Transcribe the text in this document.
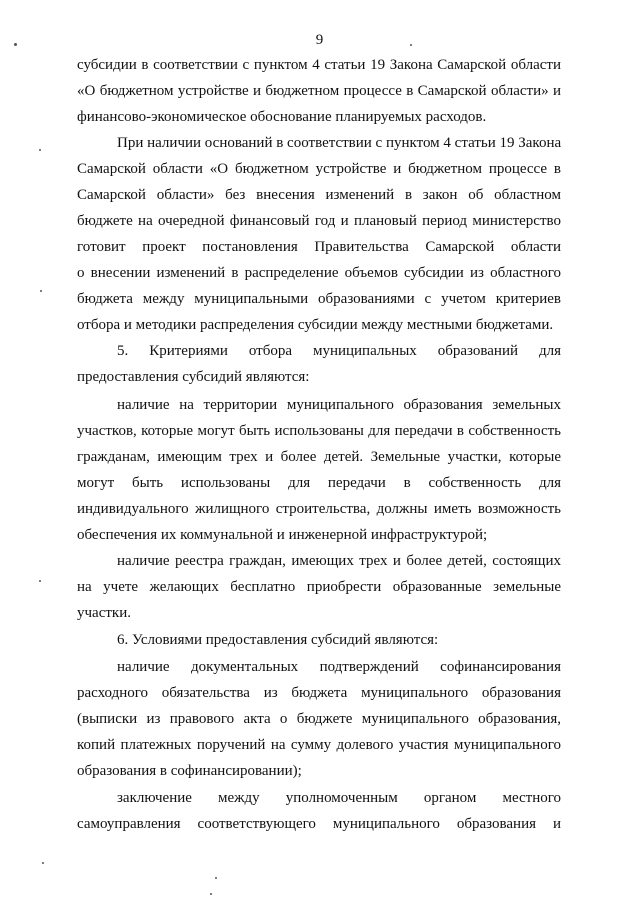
9
субсидии в соответствии с пунктом 4 статьи 19 Закона Самарской области
«О бюджетном устройстве и бюджетном процессе в Самарской области» и
финансово-экономическое обоснование планируемых расходов.
При наличии оснований в соответствии с пунктом 4 статьи 19 Закона
Самарской области «О бюджетном устройстве и бюджетном процессе в
Самарской области» без внесения изменений в закон об областном
бюджете на очередной финансовый год и плановый период министерство
готовит проект постановления Правительства Самарской области
о внесении изменений в распределение объемов субсидии из областного
бюджета между муниципальными образованиями с учетом критериев
отбора и методики распределения субсидии между местными бюджетами.
5. Критериями отбора муниципальных образований для
предоставления субсидий являются:
наличие на территории муниципального образования земельных
участков, которые могут быть использованы для передачи в собственность
гражданам, имеющим трех и более детей. Земельные участки, которые
могут быть использованы для передачи в собственность для
индивидуального жилищного строительства, должны иметь возможность
обеспечения их коммунальной и инженерной инфраструктурой;
наличие реестра граждан, имеющих трех и более детей, состоящих
на учете желающих бесплатно приобрести образованные земельные
участки.
6. Условиями предоставления субсидий являются:
наличие документальных подтверждений софинансирования
расходного обязательства из бюджета муниципального образования
(выписки из правового акта о бюджете муниципального образования,
копий платежных поручений на сумму долевого участия муниципального
образования в софинансировании);
заключение между уполномоченным органом местного
самоуправления соответствующего муниципального образования и
